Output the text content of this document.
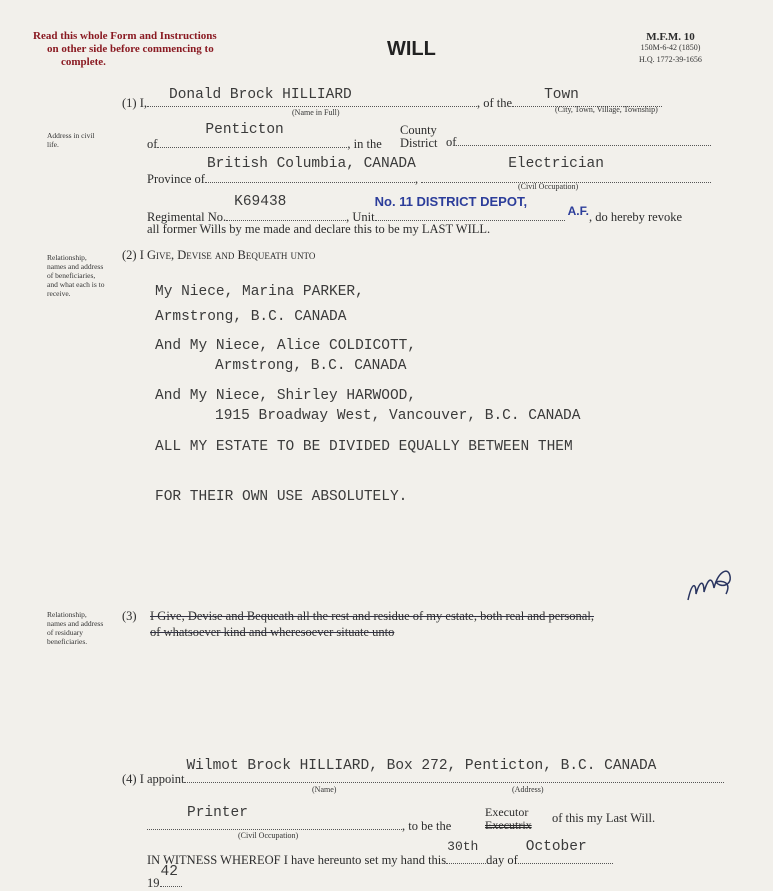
Read this whole Form and Instructions
on other side before commencing to
complete.
WILL
M.F.M. 10
150M-6-42 (1850)
H.Q. 1772-39-1656
(1) I, Donald Brock HILLIARD	, of the Town
(Name in Full)	(City, Town, Village, Township)
Address in civil life.	of
Penticton
, in the
County
District of
Province of
British Columbia, CANADA
,
Electrician
(Civil Occupation)
Regimental No.
K69438
, Unit
No. 11 DISTRICT DEPOT,
A.F., do hereby revoke
all former Wills by me made and declare this to be my LAST WILL.
Relationship, names and address of beneficiaries, and what each is to receive.
(2) I Give, Devise and Bequeath unto
My Niece, Marina PARKER,
Armstrong, B.C. CANADA
And My Niece, Alice COLDICOTT,
Armstrong, B.C. CANADA
And My Niece, Shirley HARWOOD,
1915 Broadway West, Vancouver, B.C. CANADA
ALL MY ESTATE TO BE DIVIDED EQUALLY BETWEEN THEM
FOR THEIR OWN USE ABSOLUTELY.
Relationship, names and address of residuary beneficiaries.
(3) I Give, Devise and Bequeath all the rest and residue of my estate, both real and personal,
of whatsoever kind and wheresoever situate unto
(4) I appoint
Wilmot Brock HILLIARD, Box 272, Penticton, B.C. CANADA
(Name)	(Address)
Printer
, to be the
(Civil Occupation)
Executor
Executrix of this my Last Will.
IN WITNESS WHEREOF I have hereunto set my hand this
30th
day of
October
19
42
